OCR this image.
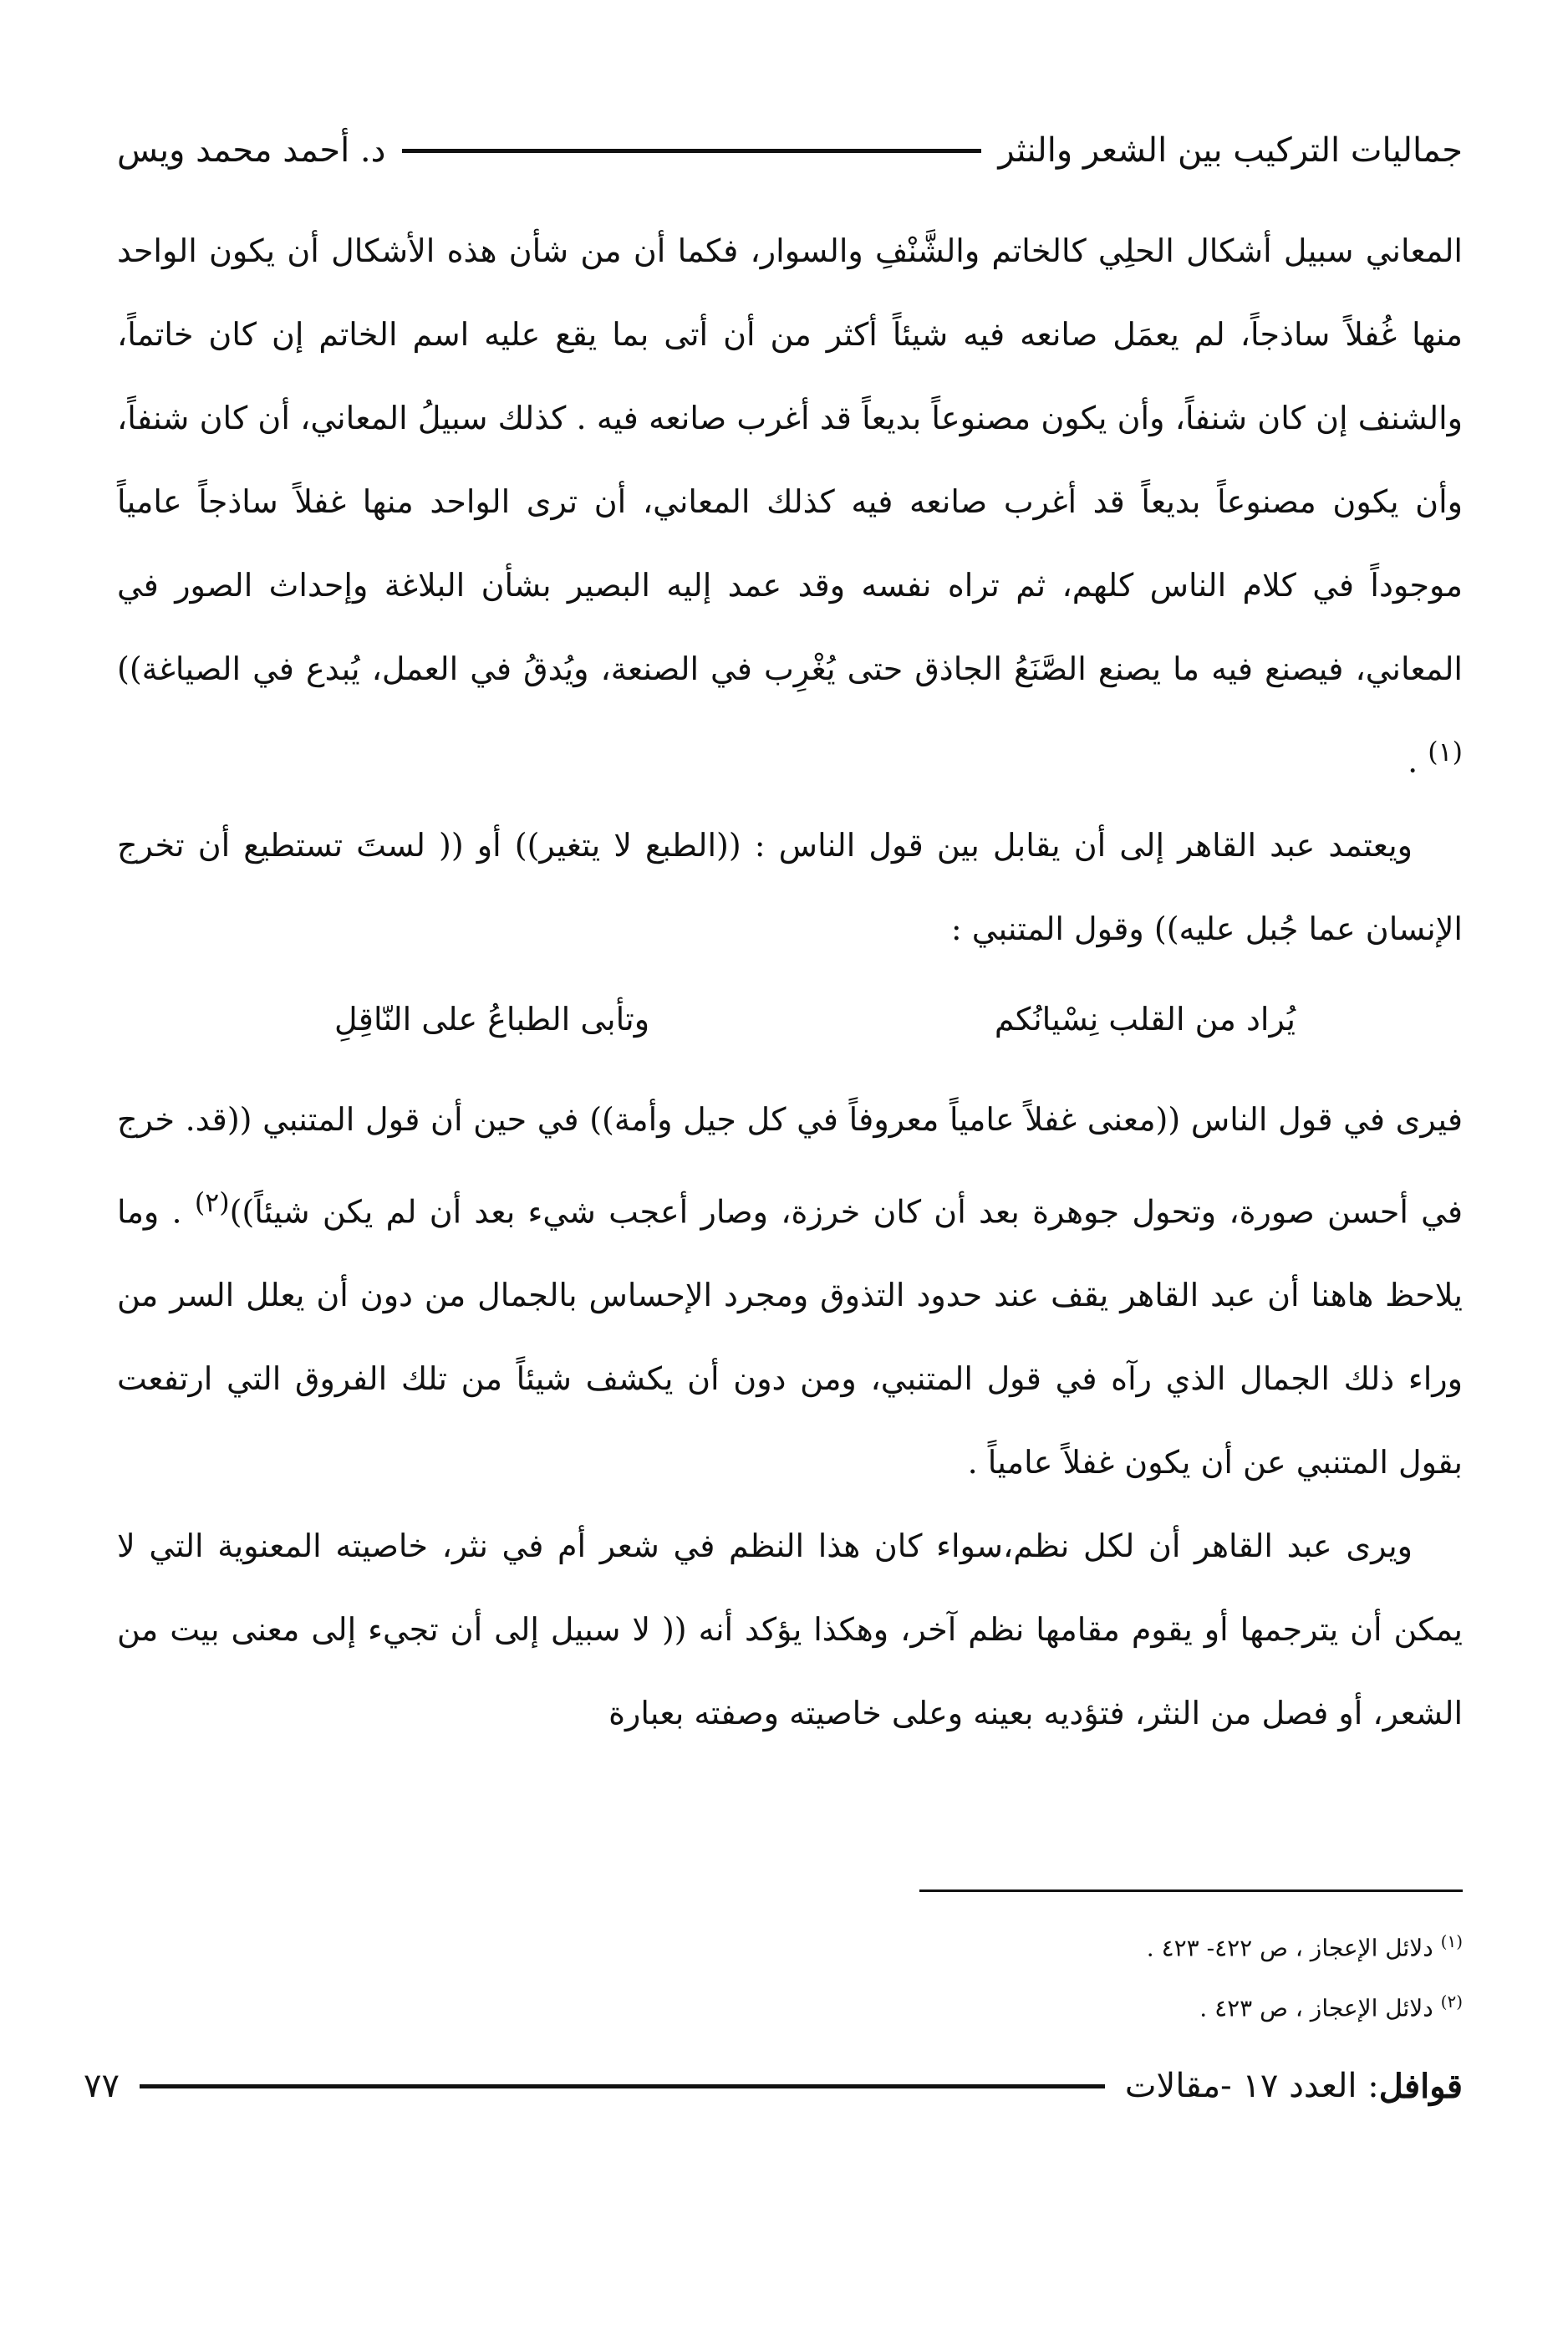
جماليات التركيب بين الشعر والنثر
د. أحمد محمد ويس

المعاني سبيل أشكال الحلِي كالخاتم والشَّنْفِ والسوار، فكما أن من شأن هذه الأشكال أن يكون الواحد منها غُفلاً ساذجاً، لم يعمَل صانعه فيه شيئاً أكثر من أن أتى بما يقع عليه اسم الخاتم إن كان خاتماً، والشنف إن كان شنفاً، وأن يكون مصنوعاً بديعاً قد أغرب صانعه فيه . كذلك سبيلُ المعاني، أن كان شنفاً، وأن يكون مصنوعاً بديعاً قد أغرب صانعه فيه كذلك المعاني، أن ترى الواحد منها غفلاً ساذجاً عامياً موجوداً في كلام الناس كلهم، ثم تراه نفسه وقد عمد إليه البصير بشأن البلاغة وإحداث الصور في المعاني، فيصنع فيه ما يصنع الصَّنَعُ الجاذق حتى يُغْرِب في الصنعة، ويُدقُ في العمل، يُبدع في الصياغة))$^{(١)}$ .

ويعتمد عبد القاهر إلى أن يقابل بين قول الناس : ((الطبع لا يتغير)) أو (( لستَ تستطيع أن تخرج الإنسان عما جُبل عليه)) وقول المتنبي :

يُراد من القلب نِسْيانُكم
وتأبى الطباعُ على النّاقِلِ

فيرى في قول الناس ((معنى غفلاً عامياً معروفاً في كل جيل وأمة)) في حين أن قول المتنبي ((قد. خرج في أحسن صورة، وتحول جوهرة بعد أن كان خرزة، وصار أعجب شيء بعد أن لم يكن شيئاً))$^{(٢)}$ . وما يلاحظ هاهنا أن عبد القاهر يقف عند حدود التذوق ومجرد الإحساس بالجمال من دون أن يعلل السر من وراء ذلك الجمال الذي رآه في قول المتنبي، ومن دون أن يكشف شيئاً من تلك الفروق التي ارتفعت بقول المتنبي عن أن يكون غفلاً عامياً .

ويرى عبد القاهر أن لكل نظم،سواء كان هذا النظم في شعر أم في نثر، خاصيته المعنوية التي لا يمكن أن يترجمها أو يقوم مقامها نظم آخر، وهكذا يؤكد أنه (( لا سبيل إلى أن تجيء إلى معنى بيت من الشعر، أو فصل من النثر، فتؤديه بعينه وعلى خاصيته وصفته بعبارة

$^{(١)}$ دلائل الإعجاز ، ص ٤٢٢- ٤٢٣ .
$^{(٢)}$ دلائل الإعجاز ، ص ٤٢٣ .
قوافل
: العدد ١٧ -مقالات
٧٧
